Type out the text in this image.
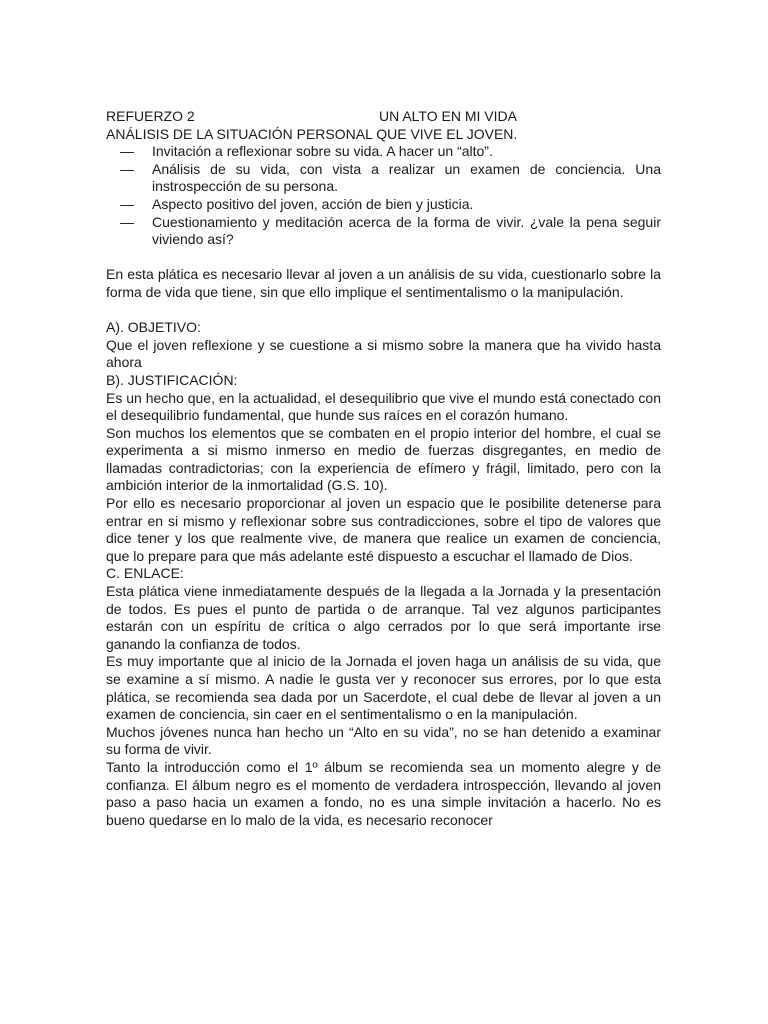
REFUERZO 2	UN ALTO EN MI VIDA

ANÁLISIS DE LA SITUACIÓN PERSONAL QUE VIVE EL JOVEN.

— Invitación a reflexionar sobre su vida. A hacer un “alto”.
— Análisis de su vida, con vista a realizar un examen de conciencia. Una instrospección de su persona.
— Aspecto positivo del joven, acción de bien y justicia.
— Cuestionamiento y meditación acerca de la forma de vivir. ¿vale la pena seguir viviendo así?

En esta plática es necesario llevar al joven a un análisis de su vida, cuestionarlo sobre la forma de vida que tiene, sin que ello implique el sentimentalismo o la manipulación.

A). OBJETIVO:

Que el joven reflexione y se cuestione a si mismo sobre la manera que ha vivido hasta ahora

B). JUSTIFICACIÓN:

Es un hecho que, en la actualidad, el desequilibrio que vive el mundo está conectado con el desequilibrio fundamental, que hunde sus raíces en el corazón humano.

Son muchos los elementos que se combaten en el propio interior del hombre, el cual se experimenta a si mismo inmerso en medio de fuerzas disgregantes, en medio de llamadas contradictorias; con la experiencia de efímero y frágil, limitado, pero con la ambición interior de la inmortalidad (G.S. 10).

Por ello es necesario proporcionar al joven un espacio que le posibilite detenerse para entrar en si mismo y reflexionar sobre sus contradicciones, sobre el tipo de valores que dice tener y los que realmente vive, de manera que realice un examen de conciencia, que lo prepare para que más adelante esté dispuesto a escuchar el llamado de Dios.

C. ENLACE:

Esta plática viene inmediatamente después de la llegada a la Jornada y la presentación de todos. Es pues el punto de partida o de arranque. Tal vez algunos participantes estarán con un espíritu de crítica o algo cerrados por lo que será importante irse ganando la confianza de todos.

Es muy importante que al inicio de la Jornada el joven haga un análisis de su vida, que se examine a sí mismo. A nadie le gusta ver y reconocer sus errores, por lo que esta plática, se recomienda sea dada por un Sacerdote, el cual debe de llevar al joven a un examen de conciencia, sin caer en el sentimentalismo o en la manipulación.

Muchos jóvenes nunca han hecho un “Alto en su vida”, no se han detenido a examinar su forma de vivir.

Tanto la introducción como el 1º álbum se recomienda sea un momento alegre y de confianza. El álbum negro es el momento de verdadera introspección, llevando al joven paso a paso hacia un examen a fondo, no es una simple invitación a hacerlo. No es bueno quedarse en lo malo de la vida, es necesario reconocer
